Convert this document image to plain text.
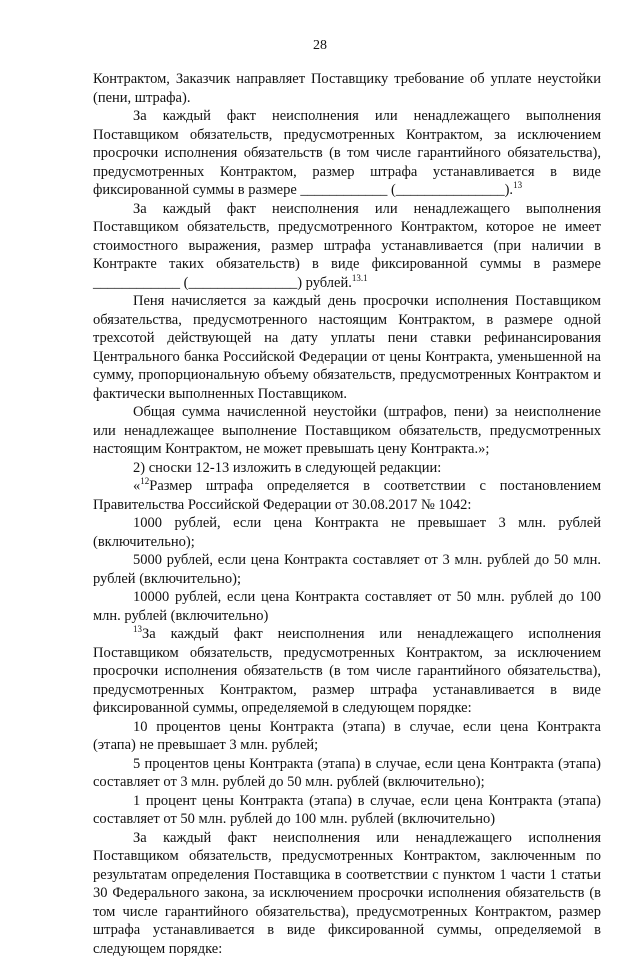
28

Контрактом, Заказчик направляет Поставщику требование об уплате неустойки (пени, штрафа).

За каждый факт неисполнения или ненадлежащего выполнения Поставщиком обязательств, предусмотренных Контрактом, за исключением просрочки исполнения обязательств (в том числе гарантийного обязательства), предусмотренных Контрактом, размер штрафа устанавливается в виде фиксированной суммы в размере ____________ (_______________).$^{13}$

За каждый факт неисполнения или ненадлежащего выполнения Поставщиком обязательств, предусмотренного Контрактом, которое не имеет стоимостного выражения, размер штрафа устанавливается (при наличии в Контракте таких обязательств) в виде фиксированной суммы в размере ____________ (_______________) рублей.$^{13.1}$

Пеня начисляется за каждый день просрочки исполнения Поставщиком обязательства, предусмотренного настоящим Контрактом, в размере одной трехсотой действующей на дату уплаты пени ставки рефинансирования Центрального банка Российской Федерации от цены Контракта, уменьшенной на сумму, пропорциональную объему обязательств, предусмотренных Контрактом и фактически выполненных Поставщиком.

Общая сумма начисленной неустойки (штрафов, пени) за неисполнение или ненадлежащее выполнение Поставщиком обязательств, предусмотренных настоящим Контрактом, не может превышать цену Контракта.»;

2) сноски 12-13 изложить в следующей редакции:

«$^{12}$Размер штрафа определяется в соответствии с постановлением Правительства Российской Федерации от 30.08.2017 № 1042:

1000 рублей, если цена Контракта не превышает 3 млн. рублей (включительно);

5000 рублей, если цена Контракта составляет от 3 млн. рублей до 50 млн. рублей (включительно);

10000 рублей, если цена Контракта составляет от 50 млн. рублей до 100 млн. рублей (включительно)

$^{13}$За каждый факт неисполнения или ненадлежащего исполнения Поставщиком обязательств, предусмотренных Контрактом, за исключением просрочки исполнения обязательств (в том числе гарантийного обязательства), предусмотренных Контрактом, размер штрафа устанавливается в виде фиксированной суммы, определяемой в следующем порядке:

10 процентов цены Контракта (этапа) в случае, если цена Контракта (этапа) не превышает 3 млн. рублей;

5 процентов цены Контракта (этапа) в случае, если цена Контракта (этапа) составляет от 3 млн. рублей до 50 млн. рублей (включительно);

1 процент цены Контракта (этапа) в случае, если цена Контракта (этапа) составляет от 50 млн. рублей до 100 млн. рублей (включительно)

За каждый факт неисполнения или ненадлежащего исполнения Поставщиком обязательств, предусмотренных Контрактом, заключенным по результатам определения Поставщика в соответствии с пунктом 1 части 1 статьи 30 Федерального закона, за исключением просрочки исполнения обязательств (в том числе гарантийного обязательства), предусмотренных Контрактом, размер штрафа устанавливается в виде фиксированной суммы, определяемой в следующем порядке:
